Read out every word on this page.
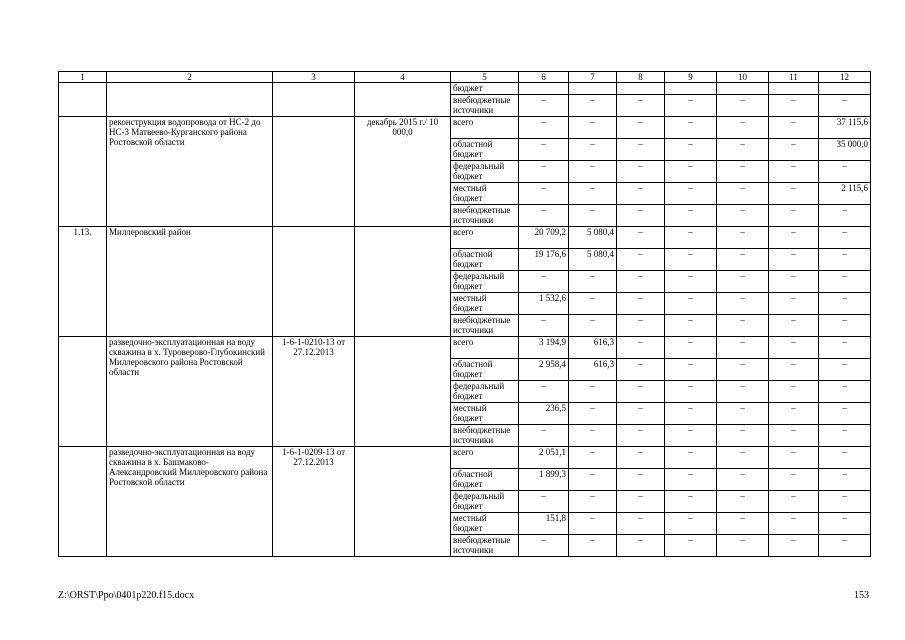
1	2	3	4	5	6	7	8	9	10	11	12
				бюджет							
				внебюджетные источники	–	–	–	–	–	–	–
	реконструкция водопровода от НС-2 до НС-3 Матвеево-Курганского района Ростовской области		декабрь 2015 г./ 10 000,0	всего	–	–	–	–	–	–	37 115,6
				областной бюджет	–	–	–	–	–	–	35 000,0
				федеральный бюджет	–	–	–	–	–	–	–
				местный бюджет	–	–	–	–	–	–	2 115,6
				внебюджетные источники	–	–	–	–	–	–	–
1.13.	Миллеровский район			всего	20 709,2	5 080,4	–	–	–	–	–
				областной бюджет	19 176,6	5 080,4	–	–	–	–	–
				федеральный бюджет	–	–	–	–	–	–	–
				местный бюджет	1 532,6	–	–	–	–	–	–
				внебюджетные источники	–	–	–	–	–	–	–
	разведочно-эксплуатационная на воду скважина в х. Туроверово-Глубокинский Миллеровского района Ростовской области	1-6-1-0210-13 от 27.12.2013		всего	3 194,9	616,3	–	–	–	–	–
				областной бюджет	2 958,4	616,3	–	–	–	–	–
				федеральный бюджет	–	–	–	–	–	–	–
				местный бюджет	236,5	–	–	–	–	–	–
				внебюджетные источники	–	–	–	–	–	–	–
	разведочно-эксплуатационная на воду скважина в х. Башмаково-Александровский Миллеровского района Ростовской области	1-6-1-0209-13 от 27.12.2013		всего	2 051,1	–	–	–	–	–	–
				областной бюджет	1 899,3	–	–	–	–	–	–
				федеральный бюджет	–	–	–	–	–	–	–
				местный бюджет	151,8	–	–	–	–	–	–
				внебюджетные источники	–	–	–	–	–	–	–
Z:\ORST\Ppo\0401p220.f15.docx	153
